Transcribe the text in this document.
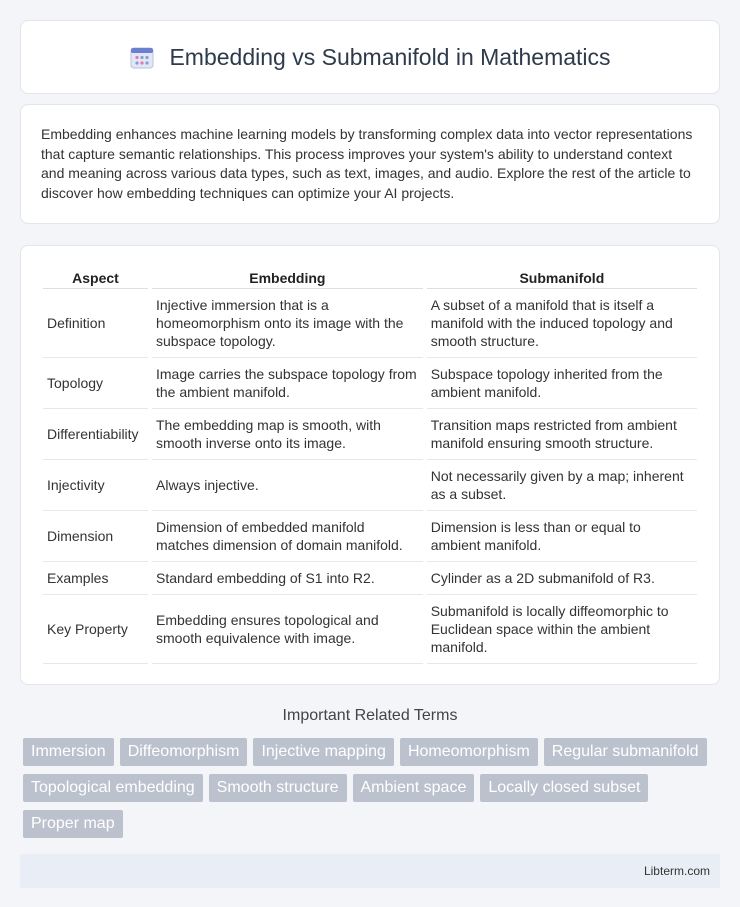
Embedding vs Submanifold in Mathematics
Embedding enhances machine learning models by transforming complex data into vector representations that capture semantic relationships. This process improves your system's ability to understand context and meaning across various data types, such as text, images, and audio. Explore the rest of the article to discover how embedding techniques can optimize your AI projects.
Aspect	Embedding	Submanifold
Definition	Injective immersion that is a homeomorphism onto its image with the subspace topology.	A subset of a manifold that is itself a manifold with the induced topology and smooth structure.
Topology	Image carries the subspace topology from the ambient manifold.	Subspace topology inherited from the ambient manifold.
Differentiability	The embedding map is smooth, with smooth inverse onto its image.	Transition maps restricted from ambient manifold ensuring smooth structure.
Injectivity	Always injective.	Not necessarily given by a map; inherent as a subset.
Dimension	Dimension of embedded manifold matches dimension of domain manifold.	Dimension is less than or equal to ambient manifold.
Examples	Standard embedding of S1 into R2.	Cylinder as a 2D submanifold of R3.
Key Property	Embedding ensures topological and smooth equivalence with image.	Submanifold is locally diffeomorphic to Euclidean space within the ambient manifold.
Important Related Terms
Immersion	Diffeomorphism	Injective mapping	Homeomorphism	Regular submanifold
Topological embedding	Smooth structure	Ambient space	Locally closed subset
Proper map
Libterm.com
